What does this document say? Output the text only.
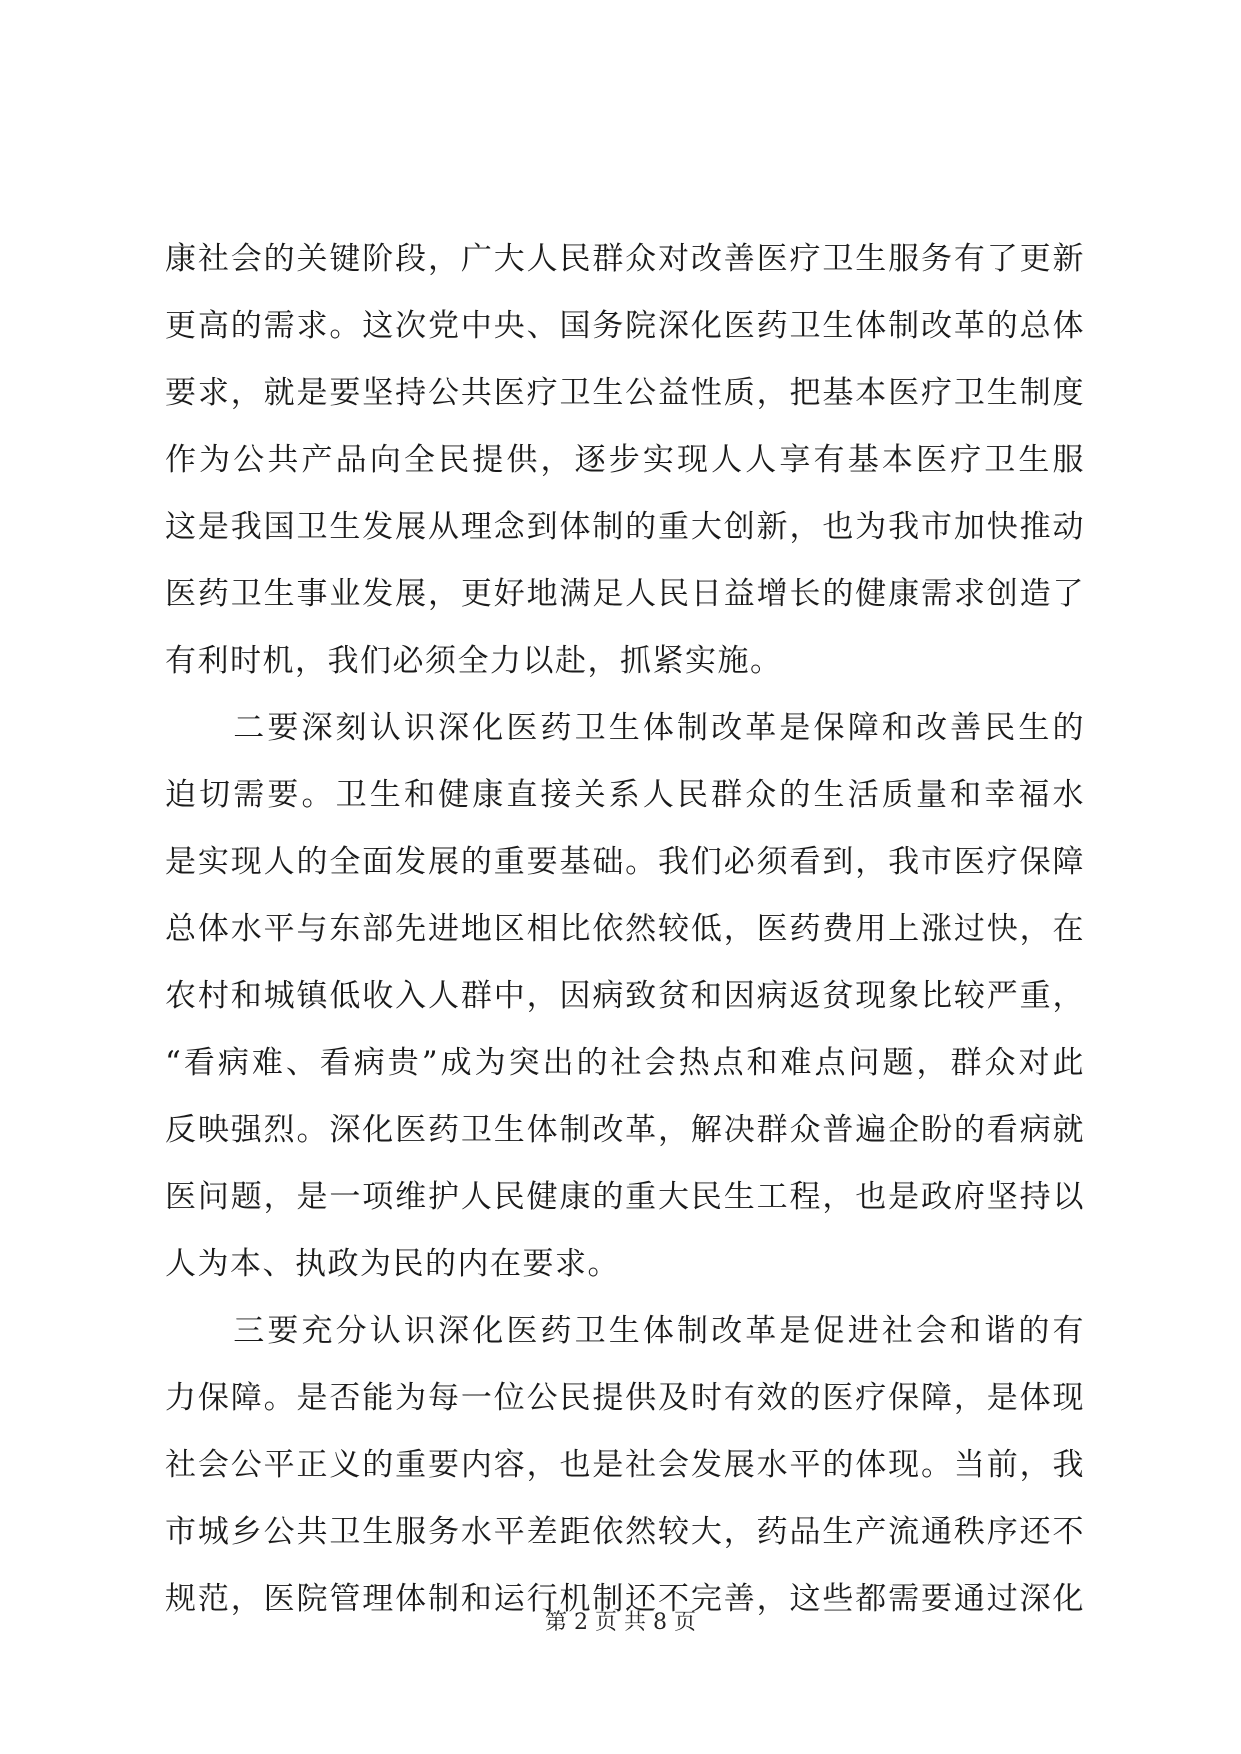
康社会的关键阶段，广大人民群众对改善医疗卫生服务有了更新
更高的需求。这次党中央、国务院深化医药卫生体制改革的总体
要求，就是要坚持公共医疗卫生公益性质，把基本医疗卫生制度
作为公共产品向全民提供，逐步实现人人享有基本医疗卫生服
这是我国卫生发展从理念到体制的重大创新，也为我市加快推动
医药卫生事业发展，更好地满足人民日益增长的健康需求创造了
有利时机，我们必须全力以赴，抓紧实施。
　　二要深刻认识深化医药卫生体制改革是保障和改善民生的
迫切需要。卫生和健康直接关系人民群众的生活质量和幸福水
是实现人的全面发展的重要基础。我们必须看到，我市医疗保障
总体水平与东部先进地区相比依然较低，医药费用上涨过快，在
农村和城镇低收入人群中，因病致贫和因病返贫现象比较严重，
“看病难、看病贵”成为突出的社会热点和难点问题，群众对此
反映强烈。深化医药卫生体制改革，解决群众普遍企盼的看病就
医问题，是一项维护人民健康的重大民生工程，也是政府坚持以
人为本、执政为民的内在要求。
　　三要充分认识深化医药卫生体制改革是促进社会和谐的有
力保障。是否能为每一位公民提供及时有效的医疗保障，是体现
社会公平正义的重要内容，也是社会发展水平的体现。当前，我
市城乡公共卫生服务水平差距依然较大，药品生产流通秩序还不
规范，医院管理体制和运行机制还不完善，这些都需要通过深化
第 2 页 共 8 页
